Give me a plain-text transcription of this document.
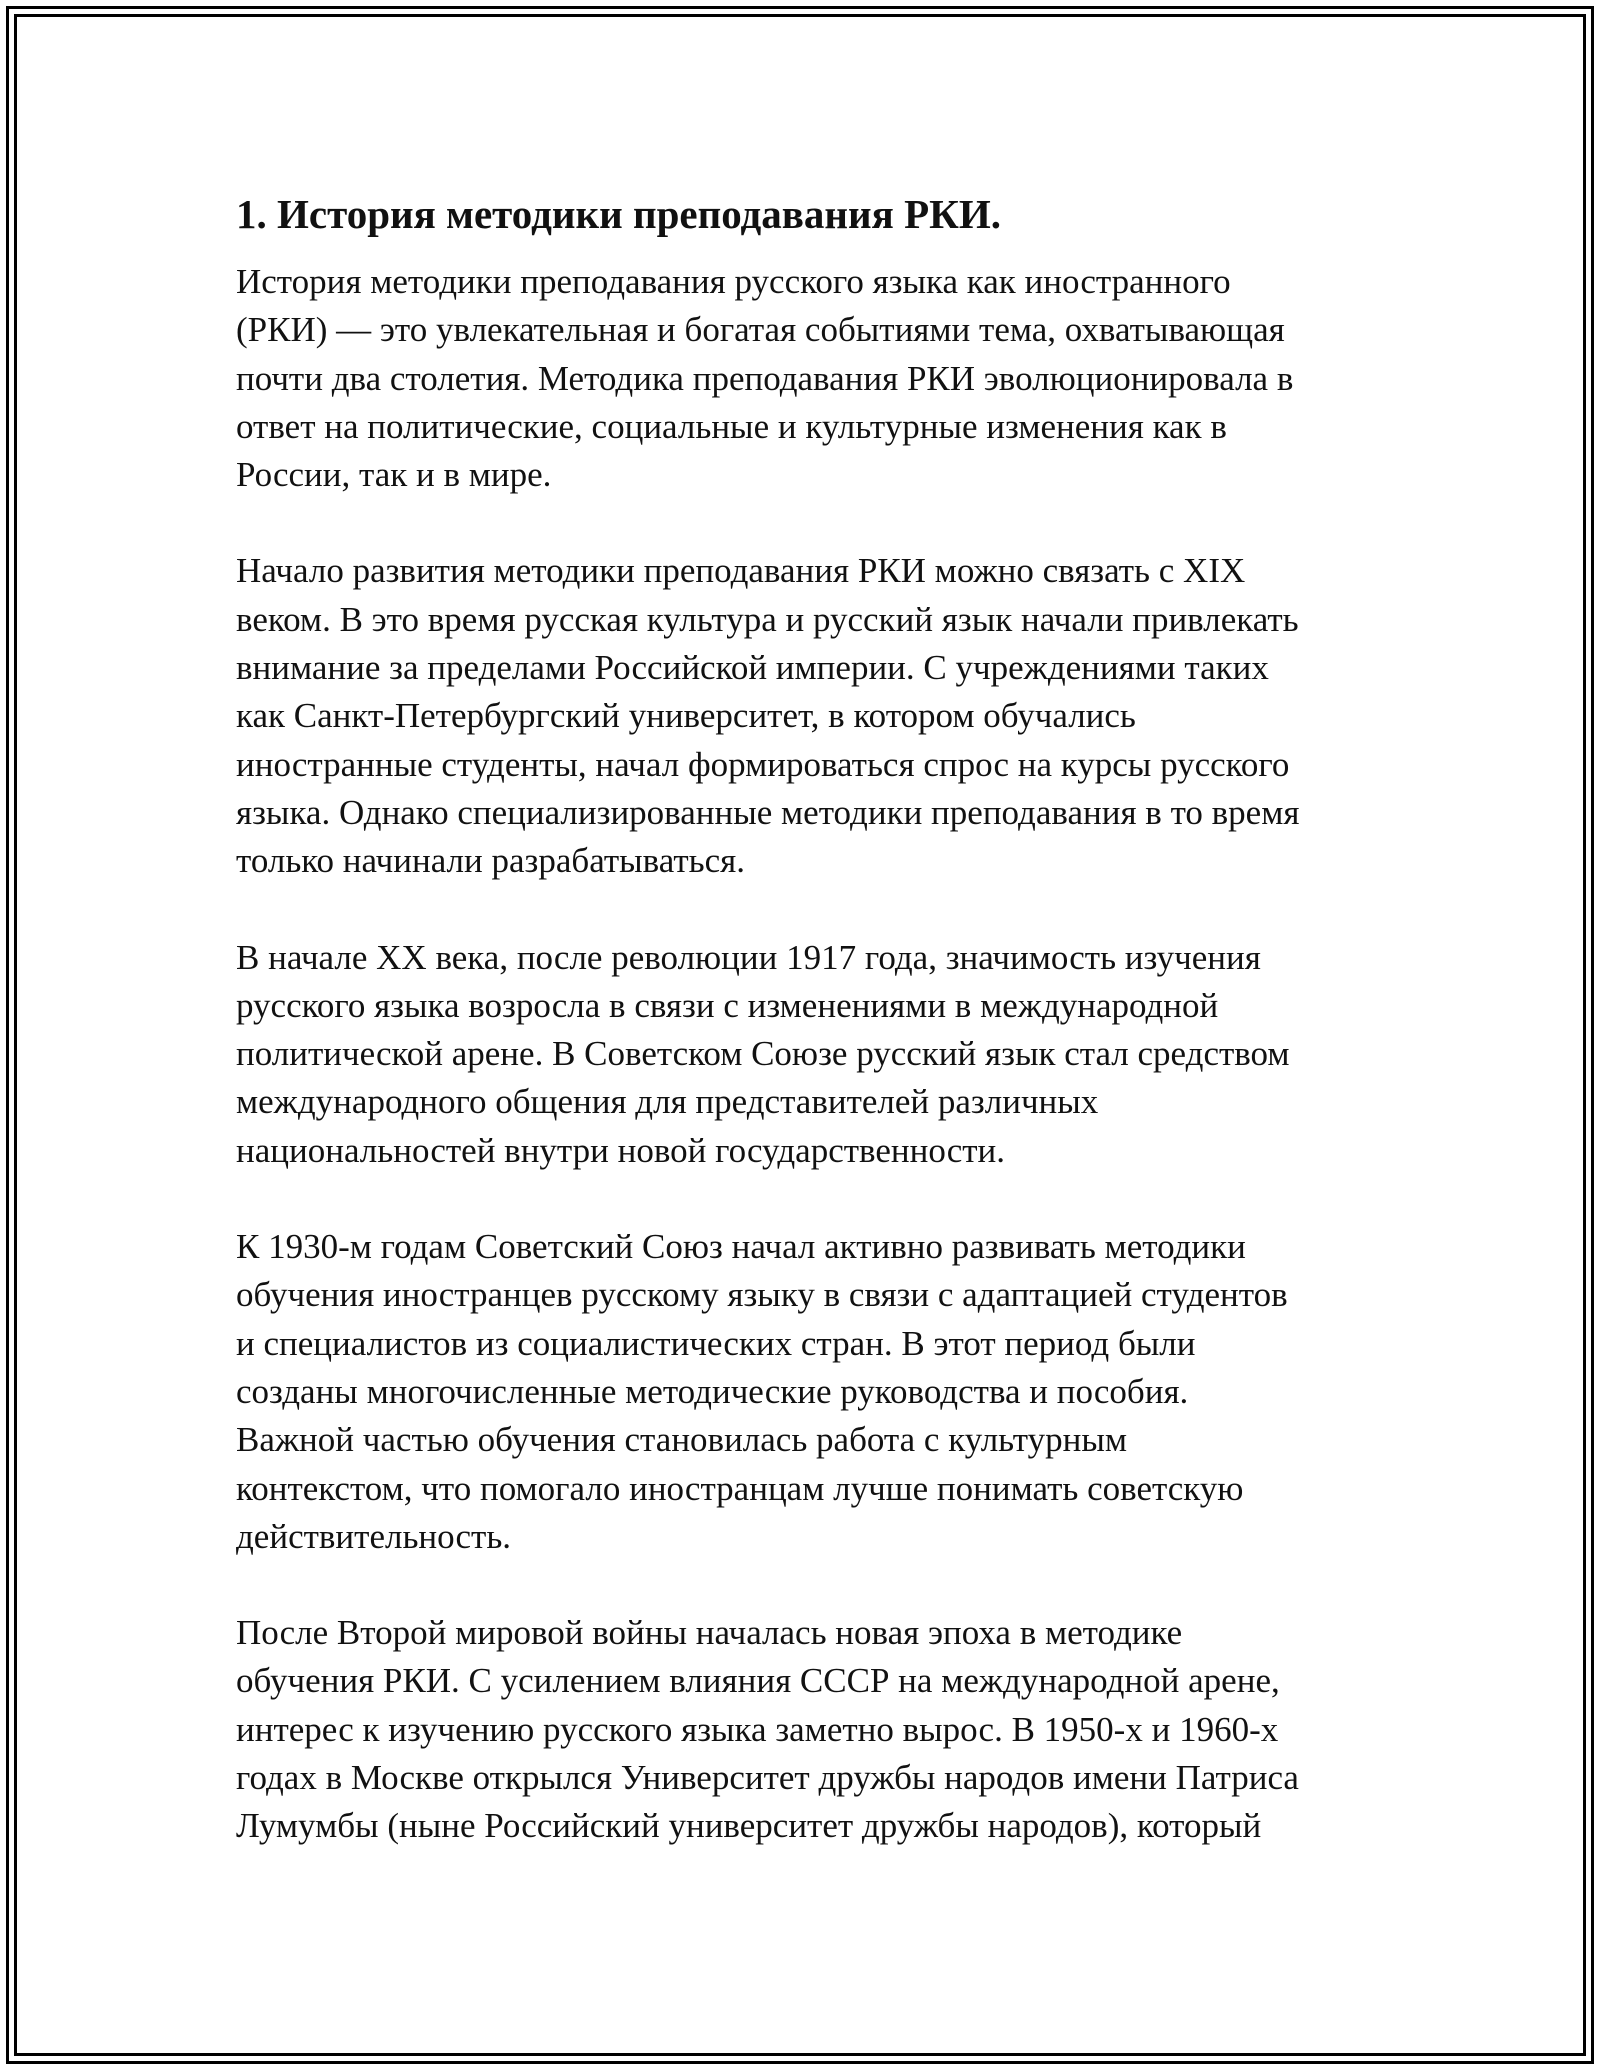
1. История методики преподавания РКИ.

История методики преподавания русского языка как иностранного
(РКИ) — это увлекательная и богатая событиями тема, охватывающая
почти два столетия. Методика преподавания РКИ эволюционировала в
ответ на политические, социальные и культурные изменения как в
России, так и в мире.

Начало развития методики преподавания РКИ можно связать с XIX
веком. В это время русская культура и русский язык начали привлекать
внимание за пределами Российской империи. С учреждениями таких
как Санкт-Петербургский университет, в котором обучались
иностранные студенты, начал формироваться спрос на курсы русского
языка. Однако специализированные методики преподавания в то время
только начинали разрабатываться.

В начале XX века, после революции 1917 года, значимость изучения
русского языка возросла в связи с изменениями в международной
политической арене. В Советском Союзе русский язык стал средством
международного общения для представителей различных
национальностей внутри новой государственности.

К 1930-м годам Советский Союз начал активно развивать методики
обучения иностранцев русскому языку в связи с адаптацией студентов
и специалистов из социалистических стран. В этот период были
созданы многочисленные методические руководства и пособия.
Важной частью обучения становилась работа с культурным
контекстом, что помогало иностранцам лучше понимать советскую
действительность.

После Второй мировой войны началась новая эпоха в методике
обучения РКИ. С усилением влияния СССР на международной арене,
интерес к изучению русского языка заметно вырос. В 1950-х и 1960-х
годах в Москве открылся Университет дружбы народов имени Патриса
Лумумбы (ныне Российский университет дружбы народов), который
